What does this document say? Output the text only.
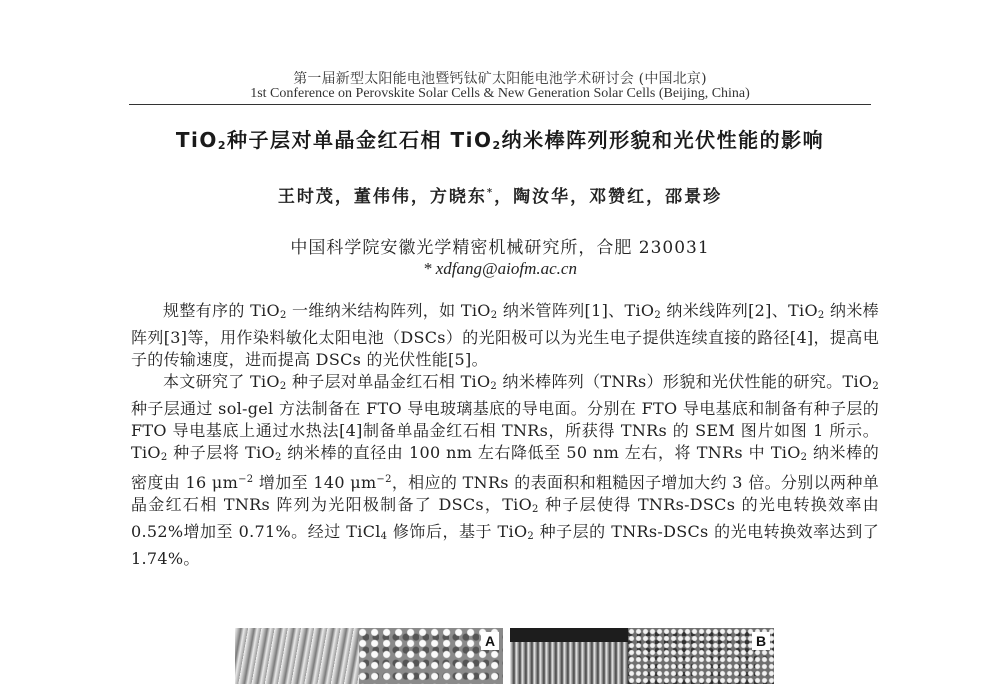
第一届新型太阳能电池暨钙钛矿太阳能电池学术研讨会 (中国北京)
1st Conference on Perovskite Solar Cells & New Generation Solar Cells (Beijing, China)
TiO$_2$种子层对单晶金红石相 TiO$_2$纳米棒阵列形貌和光伏性能的影响
王时茂，董伟伟，方晓东*，陶汝华，邓赞红，邵景珍
中国科学院安徽光学精密机械研究所，合肥 230031
* xdfang@aiofm.ac.cn

规整有序的 TiO$_2$ 一维纳米结构阵列，如 TiO$_2$ 纳米管阵列[1]、TiO$_2$ 纳米线阵列[2]、TiO$_2$ 纳米棒阵列[3]等，用作染料敏化太阳电池（DSCs）的光阳极可以为光生电子提供连续直接的路径[4]，提高电子的传输速度，进而提高 DSCs 的光伏性能[5]。

本文研究了 TiO$_2$ 种子层对单晶金红石相 TiO$_2$ 纳米棒阵列（TNRs）形貌和光伏性能的研究。TiO$_2$ 种子层通过 sol-gel 方法制备在 FTO 导电玻璃基底的导电面。分别在 FTO 导电基底和制备有种子层的 FTO 导电基底上通过水热法[4]制备单晶金红石相 TNRs，所获得 TNRs 的 SEM 图片如图 1 所示。TiO$_2$ 种子层将 TiO$_2$ 纳米棒的直径由 100 nm 左右降低至 50 nm 左右，将 TNRs 中 TiO$_2$ 纳米棒的密度由 16 $\mu m^{-2}$ 增加至 140 $\mu m^{-2}$，相应的 TNRs 的表面积和粗糙因子增加大约 3 倍。分别以两种单晶金红石相 TNRs 阵列为光阳极制备了 DSCs，TiO$_2$ 种子层使得 TNRs-DSCs 的光电转换效率由 0.52%增加至 0.71%。经过 TiCl$_4$ 修饰后，基于 TiO$_2$ 种子层的 TNRs-DSCs 的光电转换效率达到了 1.74%。

A	B
